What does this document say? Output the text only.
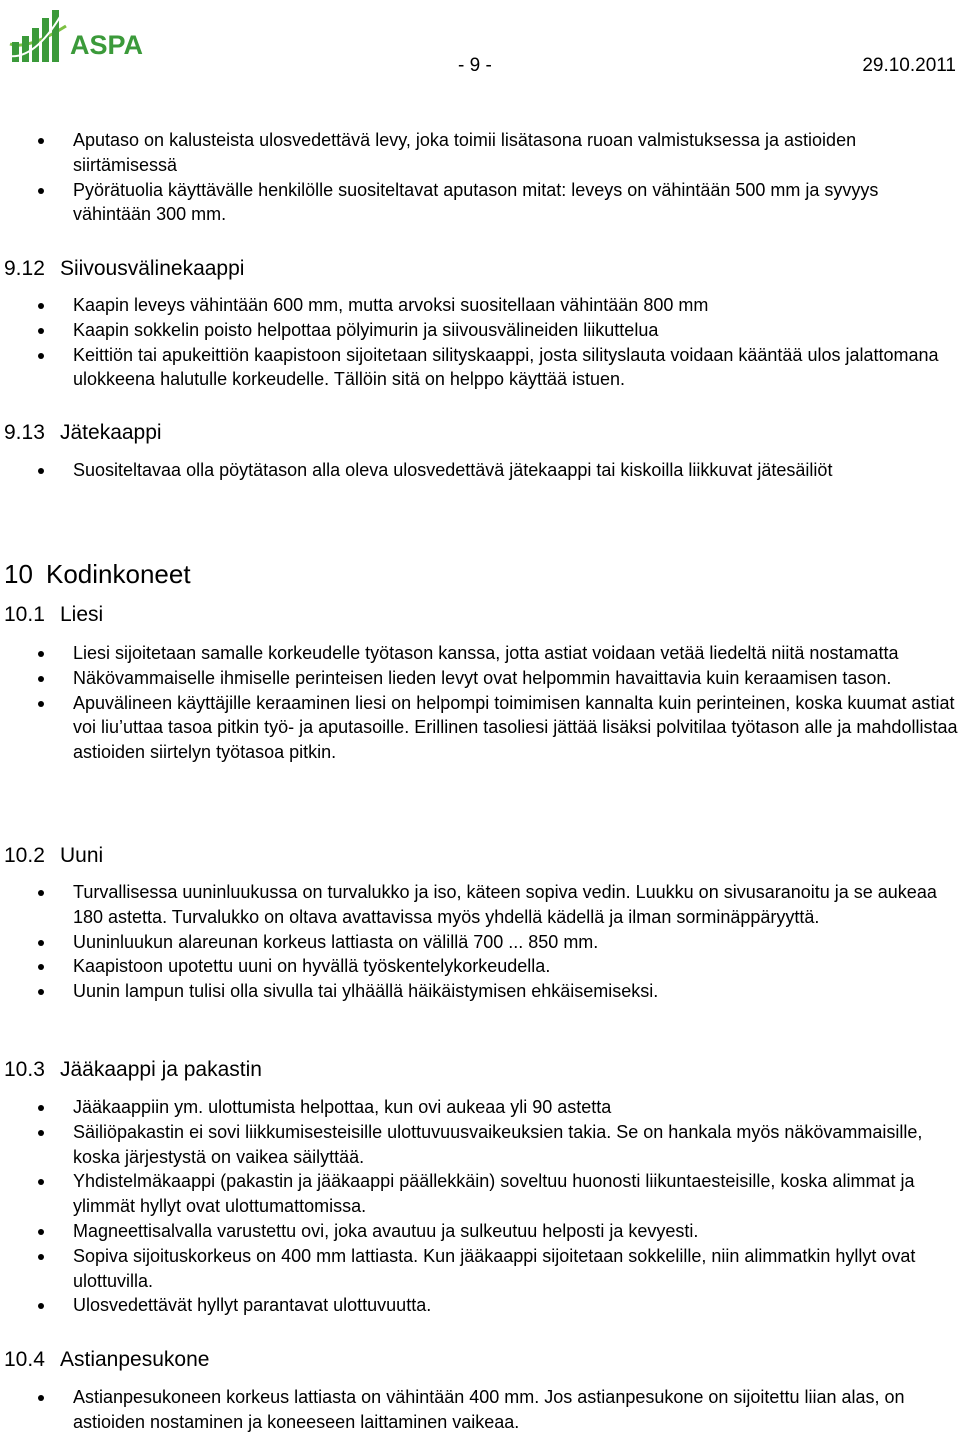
ASPA
- 9 -	29.10.2011
Aputaso on kalusteista ulosvedettävä levy, joka toimii lisätasona ruoan valmistuksessa ja astioiden siirtämisessä
Pyörätuolia käyttävälle henkilölle suositeltavat aputason mitat: leveys on vähintään 500 mm ja syvyys vähintään 300 mm.
9.12 Siivousvälinekaappi
Kaapin leveys vähintään 600 mm, mutta arvoksi suositellaan vähintään 800 mm
Kaapin sokkelin poisto helpottaa pölyimurin ja siivousvälineiden liikuttelua
Keittiön tai apukeittiön kaapistoon sijoitetaan silityskaappi, josta silityslauta voidaan kääntää ulos jalattomana ulokkeena halutulle korkeudelle. Tällöin sitä on helppo käyttää istuen.
9.13 Jätekaappi
Suositeltavaa olla pöytätason alla oleva ulosvedettävä jätekaappi tai kiskoilla liikkuvat jätesäiliöt
10 Kodinkoneet
10.1 Liesi
Liesi sijoitetaan samalle korkeudelle työtason kanssa, jotta astiat voidaan vetää liedeltä niitä nostamatta
Näkövammaiselle ihmiselle perinteisen lieden levyt ovat helpommin havaittavia kuin keraamisen tason.
Apuvälineen käyttäjille keraaminen liesi on helpompi toimimisen kannalta kuin perinteinen, koska kuumat astiat voi liu’uttaa tasoa pitkin työ- ja aputasoille. Erillinen tasoliesi jättää lisäksi polvitilaa työtason alle ja mahdollistaa astioiden siirtelyn työtasoa pitkin.
10.2 Uuni
Turvallisessa uuninluukussa on turvalukko ja iso, käteen sopiva vedin. Luukku on sivusaranoitu ja se aukeaa 180 astetta. Turvalukko on oltava avattavissa myös yhdellä kädellä ja ilman sorminäppäryyttä.
Uuninluukun alareunan korkeus lattiasta on välillä 700 ... 850 mm.
Kaapistoon upotettu uuni on hyvällä työskentelykorkeudella.
Uunin lampun tulisi olla sivulla tai ylhäällä häikäistymisen ehkäisemiseksi.
10.3 Jääkaappi ja pakastin
Jääkaappiin ym. ulottumista helpottaa, kun ovi aukeaa yli 90 astetta
Säiliöpakastin ei sovi liikkumisesteisille ulottuvuusvaikeuksien takia. Se on hankala myös näkövammaisille, koska järjestystä on vaikea säilyttää.
Yhdistelmäkaappi (pakastin ja jääkaappi päällekkäin) soveltuu huonosti liikuntaesteisille, koska alimmat ja ylimmät hyllyt ovat ulottumattomissa.
Magneettisalvalla varustettu ovi, joka avautuu ja sulkeutuu helposti ja kevyesti.
Sopiva sijoituskorkeus on 400 mm lattiasta. Kun jääkaappi sijoitetaan sokkelille, niin alimmatkin hyllyt ovat ulottuvilla.
Ulosvedettävät hyllyt parantavat ulottuvuutta.
10.4 Astianpesukone
Astianpesukoneen korkeus lattiasta on vähintään 400 mm. Jos astianpesukone on sijoitettu liian alas, on astioiden nostaminen ja koneeseen laittaminen vaikeaa.
